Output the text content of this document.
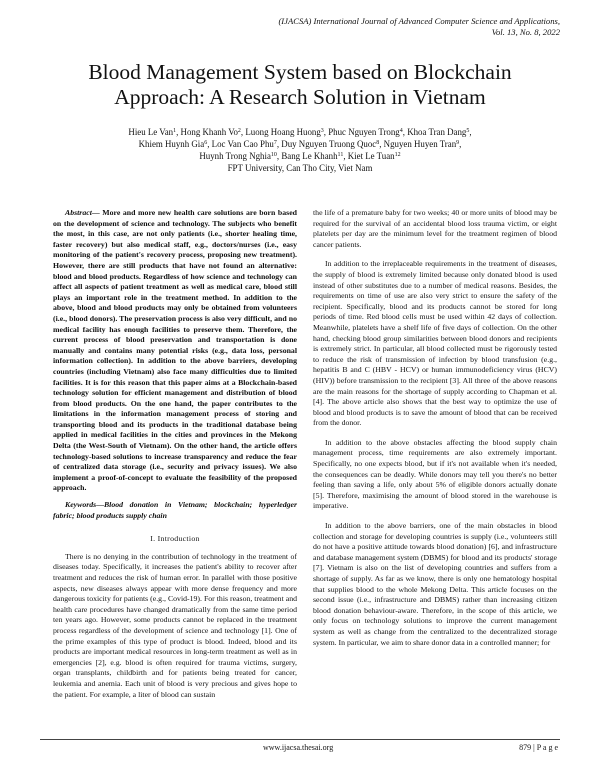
(IJACSA) International Journal of Advanced Computer Science and Applications,
Vol. 13, No. 8, 2022
Blood Management System based on Blockchain
Approach: A Research Solution in Vietnam
Hieu Le Van$^1$, Hong Khanh Vo$^2$, Luong Hoang Huong$^3$, Phuc Nguyen Trong$^4$, Khoa Tran Dang$^5$,
Khiem Huynh Gia$^6$, Loc Van Cao Phu$^7$, Duy Nguyen Truong Quoc$^8$, Nguyen Huyen Tran$^9$,
Huynh Trong Nghia$^{10}$, Bang Le Khanh$^{11}$, Kiet Le Tuan$^{12}$
FPT University, Can Tho City, Viet Nam

Abstract— More and more new health care solutions are born based on the development of science and technology. The subjects who benefit the most, in this case, are not only patients (i.e., shorter healing time, faster recovery) but also medical staff, e.g., doctors/nurses (i.e., easy monitoring of the patient's recovery process, proposing new treatment). However, there are still products that have not found an alternative: blood and blood products. Regardless of how science and technology can affect all aspects of patient treatment as well as medical care, blood still plays an important role in the treatment method. In addition to the above, blood and blood products may only be obtained from volunteers (i.e., blood donors). The preservation process is also very difficult, and no medical facility has enough facilities to preserve them. Therefore, the current process of blood preservation and transportation is done manually and contains many potential risks (e.g., data loss, personal information collection). In addition to the above barriers, developing countries (including Vietnam) also face many difficulties due to limited facilities. It is for this reason that this paper aims at a Blockchain-based technology solution for efficient management and distribution of blood from blood products. On the one hand, the paper contributes to the limitations in the information management process of storing and transporting blood and its products in the traditional database being applied in medical facilities in the cities and provinces in the Mekong Delta (the West-South of Vietnam). On the other hand, the article offers technology-based solutions to increase transparency and reduce the fear of centralized data storage (i.e., security and privacy issues). We also implement a proof-of-concept to evaluate the feasibility of the proposed approach.

Keywords—Blood donation in Vietnam; blockchain; hyperledger fabric; blood products supply chain

I. Introduction

There is no denying in the contribution of technology in the treatment of diseases today. Specifically, it increases the patient's ability to recover after treatment and reduces the risk of human error. In parallel with those positive aspects, new diseases always appear with more dense frequency and more dangerous toxicity for patients (e.g., Covid-19). For this reason, treatment and health care procedures have changed dramatically from the same time period ten years ago. However, some products cannot be replaced in the treatment process regardless of the development of science and technology [1]. One of the prime examples of this type of product is blood. Indeed, blood and its products are important medical resources in long-term treatment as well as in emergencies [2], e.g. blood is often required for trauma victims, surgery, organ transplants, childbirth and for patients being treated for cancer, leukemia and anemia. Each unit of blood is very precious and gives hope to the patient. For example, a liter of blood can sustain

the life of a premature baby for two weeks; 40 or more units of blood may be required for the survival of an accidental blood loss trauma victim, or eight platelets per day are the minimum level for the treatment regimen of blood cancer patients.

In addition to the irreplaceable requirements in the treatment of diseases, the supply of blood is extremely limited because only donated blood is used instead of other substitutes due to a number of medical reasons. Besides, the requirements on time of use are also very strict to ensure the safety of the recipient. Specifically, blood and its products cannot be stored for long periods of time. Red blood cells must be used within 42 days of collection. Meanwhile, platelets have a shelf life of five days of collection. On the other hand, checking blood group similarities between blood donors and recipients is extremely strict. In particular, all blood collected must be rigorously tested to reduce the risk of transmission of infection by blood transfusion (e.g., hepatitis B and C (HBV - HCV) or human immunodeficiency virus (HCV) (HIV)) before transmission to the recipient [3]. All three of the above reasons are the main reasons for the shortage of supply according to Chapman et al. [4]. The above article also shows that the best way to optimize the use of blood and blood products is to save the amount of blood that can be received from the donor.

In addition to the above obstacles affecting the blood supply chain management process, time requirements are also extremely important. Specifically, no one expects blood, but if it's not available when it's needed, the consequences can be deadly. While donors may tell you there's no better feeling than saving a life, only about 5% of eligible donors actually donate [5]. Therefore, maximising the amount of blood stored in the warehouse is imperative.

In addition to the above barriers, one of the main obstacles in blood collection and storage for developing countries is supply (i.e., volunteers still do not have a positive attitude towards blood donation) [6], and infrastructure and database management system (DBMS) for blood and its products' storage [7]. Vietnam is also on the list of developing countries and suffers from a shortage of supply. As far as we know, there is only one hematology hospital that supplies blood to the whole Mekong Delta. This article focuses on the second issue (i.e., infrastructure and DBMS) rather than increasing citizen blood donation behaviour-aware. Therefore, in the scope of this article, we only focus on technology solutions to improve the current management system as well as change from the centralized to the decentralized storage system. In particular, we aim to share donor data in a controlled manner; for

www.ijacsa.thesai.org	879 | P a g e
